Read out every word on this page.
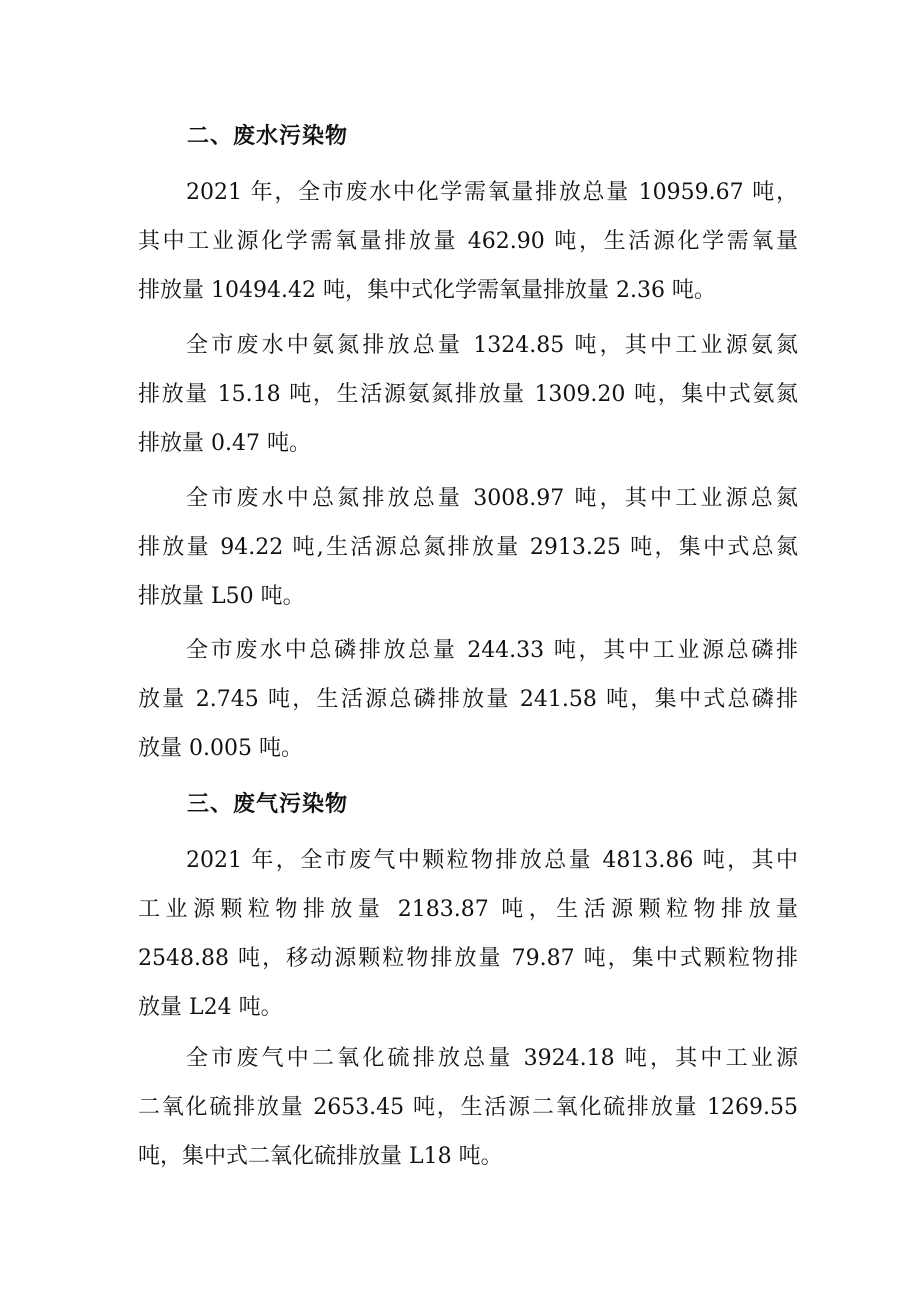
二、废水污染物
2021 年，全市废水中化学需氧量排放总量 10959.67 吨，
其中工业源化学需氧量排放量 462.90 吨，生活源化学需氧量
排放量 10494.42 吨，集中式化学需氧量排放量 2.36 吨。
全市废水中氨氮排放总量 1324.85 吨，其中工业源氨氮
排放量 15.18 吨，生活源氨氮排放量 1309.20 吨，集中式氨氮
排放量 0.47 吨。
全市废水中总氮排放总量 3008.97 吨，其中工业源总氮
排放量 94.22 吨,生活源总氮排放量 2913.25 吨，集中式总氮
排放量 L50 吨。
全市废水中总磷排放总量 244.33 吨，其中工业源总磷排
放量 2.745 吨，生活源总磷排放量 241.58 吨，集中式总磷排
放量 0.005 吨。
三、废气污染物
2021 年，全市废气中颗粒物排放总量 4813.86 吨，其中
工业源颗粒物排放量 2183.87 吨，生活源颗粒物排放量
2548.88 吨，移动源颗粒物排放量 79.87 吨，集中式颗粒物排
放量 L24 吨。
全市废气中二氧化硫排放总量 3924.18 吨，其中工业源
二氧化硫排放量 2653.45 吨，生活源二氧化硫排放量 1269.55
吨，集中式二氧化硫排放量 L18 吨。
